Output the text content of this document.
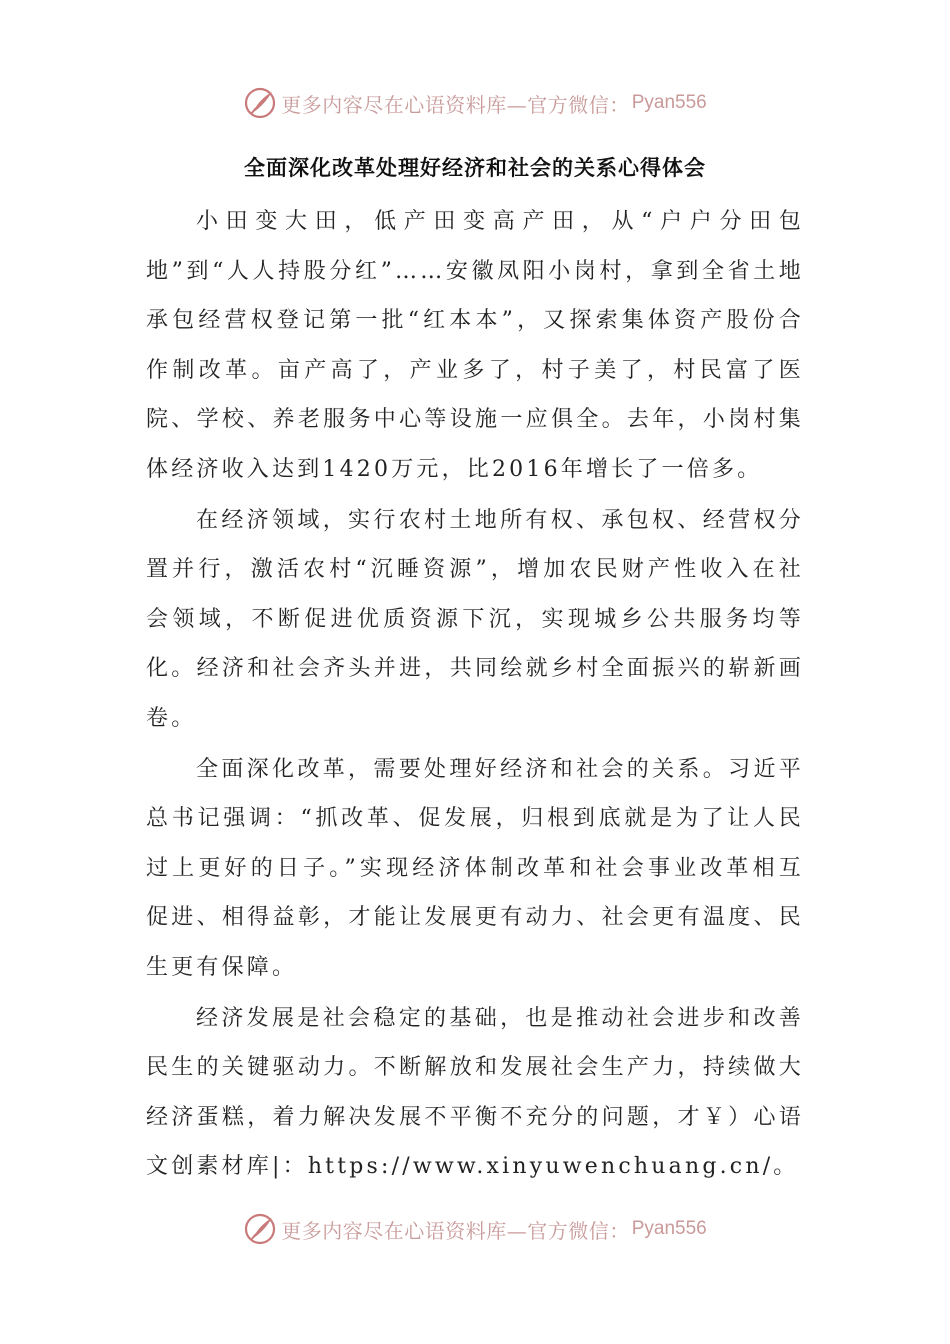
更多内容尽在心语资料库—官方微信： Pyan556
全面深化改革处理好经济和社会的关系心得体会

小田变大田，低产田变高产田，从“户户分田包地”到“人人持股分红”……安徽凤阳小岗村，拿到全省土地承包经营权登记第一批“红本本”，又探索集体资产股份合作制改革。亩产高了，产业多了，村子美了，村民富了医院、学校、养老服务中心等设施一应俱全。去年，小岗村集体经济收入达到1420万元，比2016年增长了一倍多。

在经济领域，实行农村土地所有权、承包权、经营权分置并行，激活农村“沉睡资源”，增加农民财产性收入在社会领域，不断促进优质资源下沉，实现城乡公共服务均等化。经济和社会齐头并进，共同绘就乡村全面振兴的崭新画卷。

全面深化改革，需要处理好经济和社会的关系。习近平总书记强调：“抓改革、促发展，归根到底就是为了让人民过上更好的日子。”实现经济体制改革和社会事业改革相互促进、相得益彰，才能让发展更有动力、社会更有温度、民生更有保障。

经济发展是社会稳定的基础，也是推动社会进步和改善民生的关键驱动力。不断解放和发展社会生产力，持续做大经济蛋糕，着力解决发展不平衡不充分的问题，才￥）心语文创素材库|：https://www.xinyuwenchuang.cn/。

更多内容尽在心语资料库—官方微信： Pyan556
